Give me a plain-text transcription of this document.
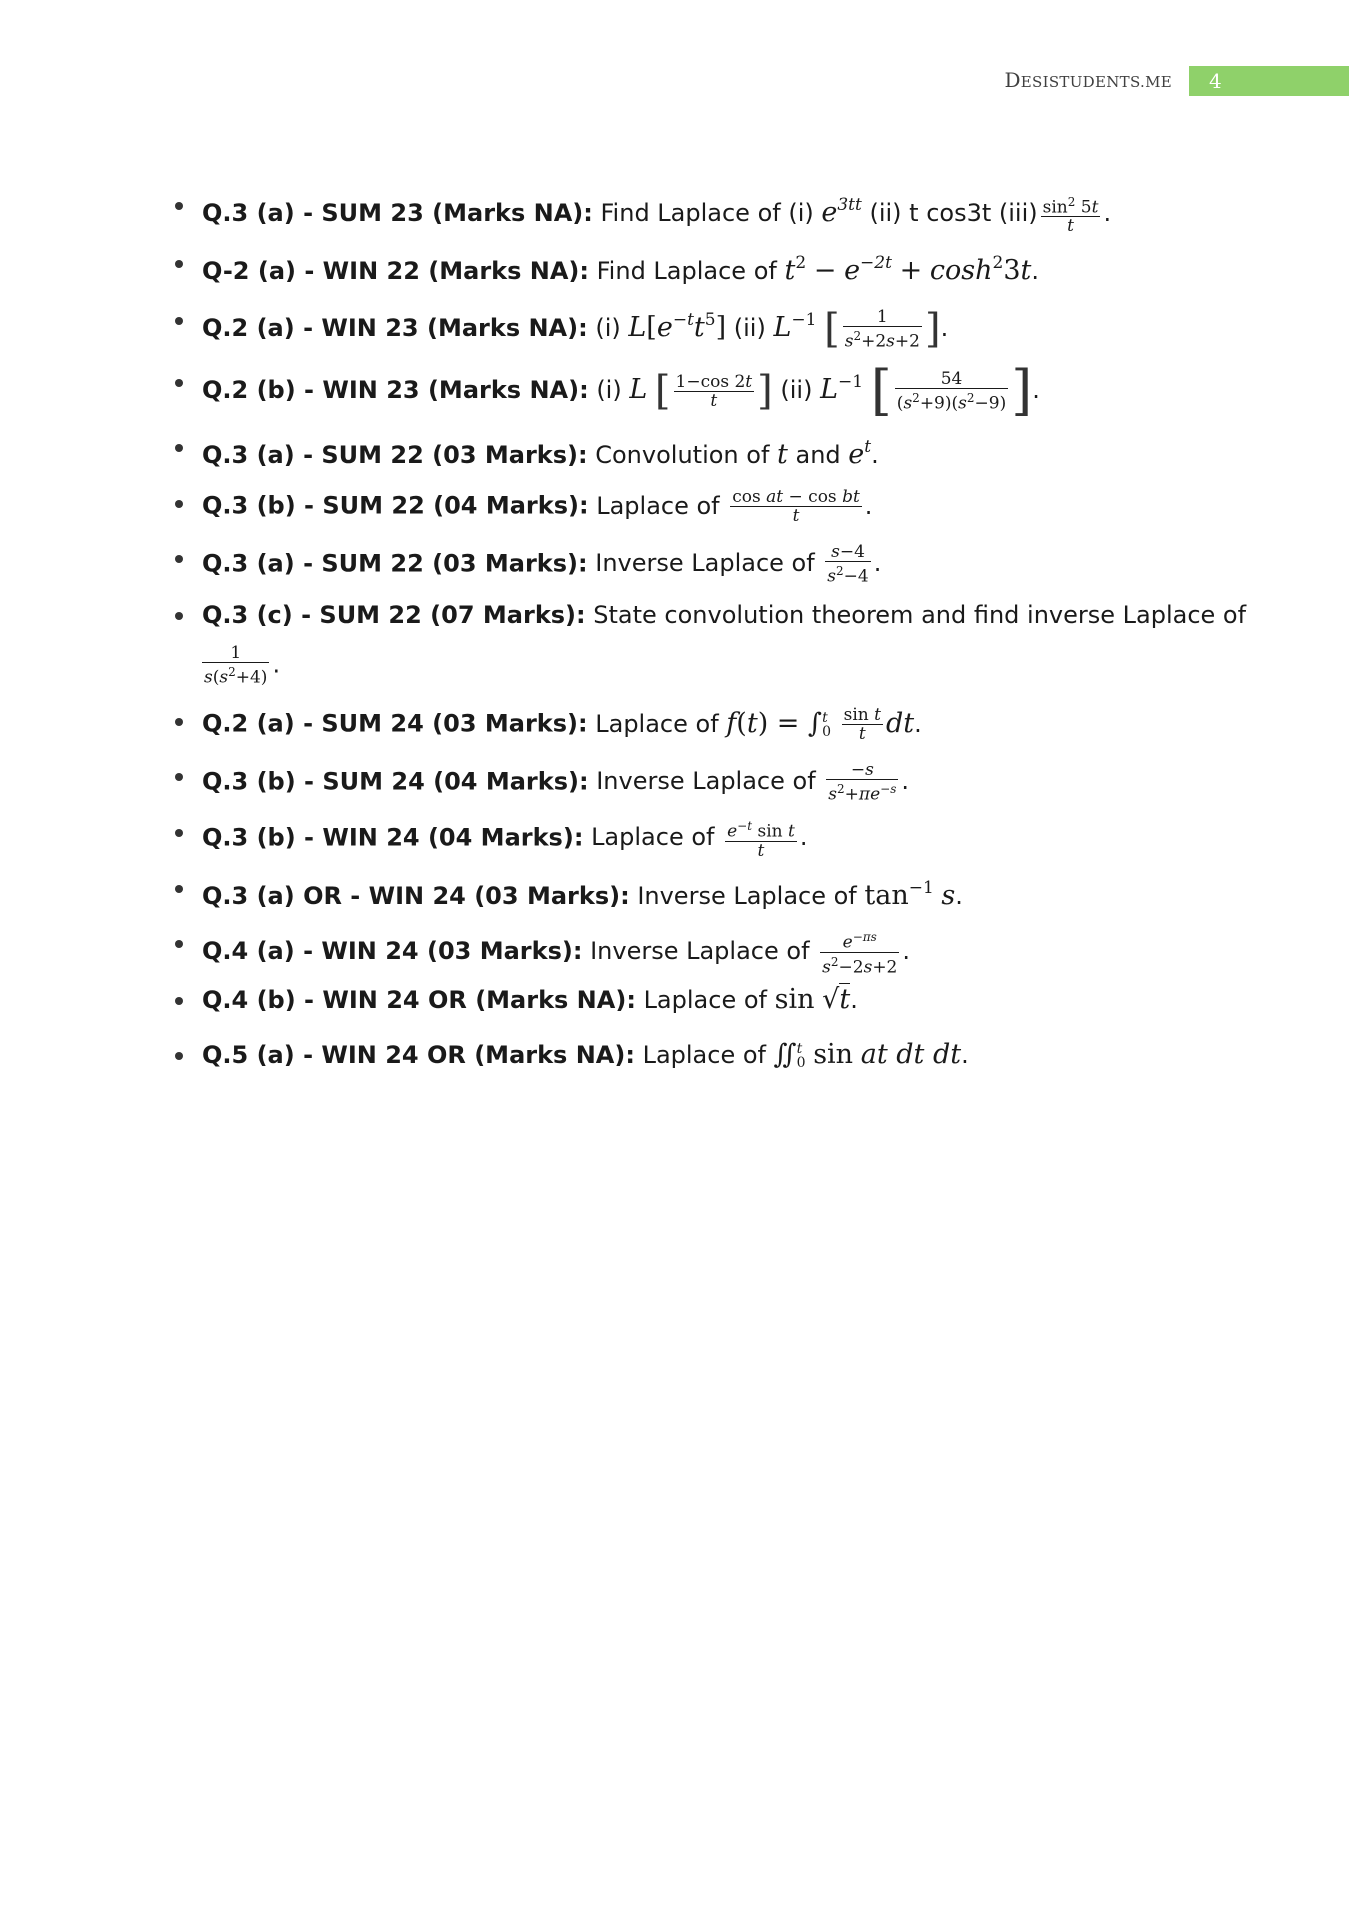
DESISTUDENTS.ME	4
Q.3 (a) - SUM 23 (Marks NA): Find Laplace of (i) $e^{3tt}$ (ii) t cos3t $(iii) \frac{\sin^2 5t}{t}$ .
Q-2 (a) - WIN 22 (Marks NA): Find Laplace of $t^2 - e^{-2t} + \cosh^23t$.
Q.2 (a) - WIN 23 (Marks NA): (i) $L[e^{-t}t^5]$ (ii) $L^{-1}$ [ $\frac{1}{s^2+2s+2}$ ].
Q.2 (b) - WIN 23 (Marks NA): (i) L [ $\frac{1-\cos 2t}{t}$ ] (ii) $L^{-1}$ [ $\frac{54}{(s^2+9)(s^2-9)}$ ].
Q.3 (a) - SUM 22 (03 Marks): Convolution of t and $e^t$.
Q.3 (b) - SUM 22 (04 Marks): Laplace of $\frac{\text{cos at − cos bt}}{t}$ .
Q.3 (a) - SUM 22 (03 Marks): Inverse Laplace of $\frac{s-4}{s^2-4}$ .
Q.3 (c) - SUM 22 (07 Marks): State convolution theorem and find inverse Laplace of
$\frac{1}{s(s^2+4)}$ .
Q.2 (a) - SUM 24 (03 Marks): Laplace of f(t) = ∫t
$0 \frac{\text{sin t}}{t}$ dt.
Q.3 (b) - SUM 24 (04 Marks): Inverse Laplace of $\frac{-s}{s^2+\pi e^{-s}}$ .
Q.3 (b) - WIN 24 (04 Marks): Laplace of $\frac{e^{-t} \sin t}{t}$ .
Q.3 (a) OR - WIN 24 (03 Marks): Inverse Laplace of $\tan^{-1} s$.
Q.4 (a) - WIN 24 (03 Marks): Inverse Laplace of $\frac{e^{-\pi s}}{s^2-2s+2}$ .
Q.4 (b) - WIN 24 OR (Marks NA): Laplace of sin √t.
Q.5 (a) - WIN 24 OR (Marks NA): Laplace of ∬t
0 sin at dt dt.
